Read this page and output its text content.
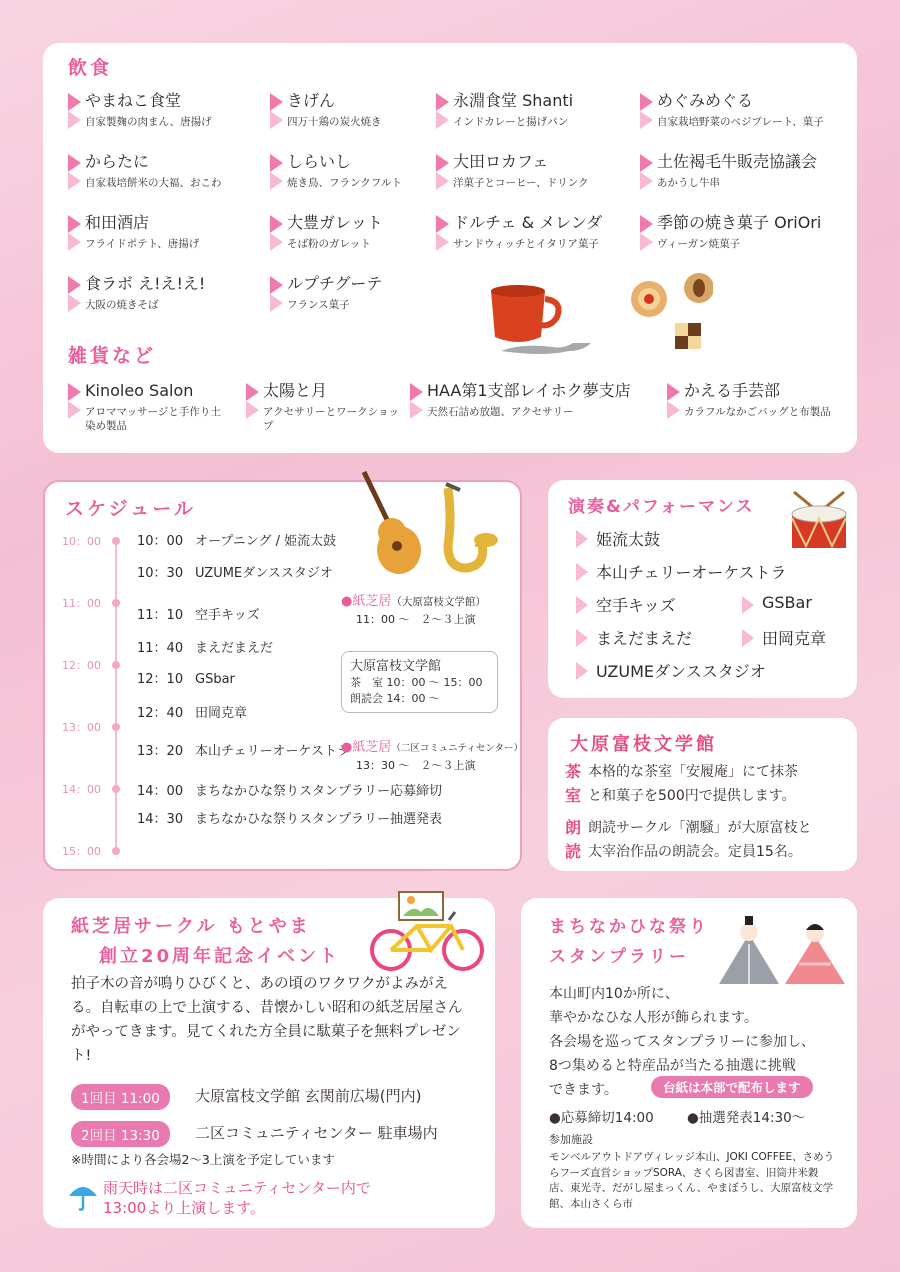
飲食
やまねこ食堂
自家製麹の肉まん、唐揚げ
きげん
四万十鶏の炭火焼き
永淵食堂 Shanti
インドカレーと揚げパン
めぐみめぐる
自家栽培野菜のベジプレート、菓子
からたに
自家栽培餅米の大福、おこわ
しらいし
焼き鳥、フランクフルト
大田ロカフェ
洋菓子とコーヒー、ドリンク
土佐褐毛牛販売協議会
あかうし牛串
和田酒店
フライドポテト、唐揚げ
大豊ガレット
そば粉のガレット
ドルチェ & メレンダ
サンドウィッチとイタリア菓子
季節の焼き菓子 OriOri
ヴィーガン焼菓子
食ラボ え!え!え!
大阪の焼きそば
ルプチグーテ
フランス菓子
雑貨など
Kinoleo Salon
アロママッサージと手作り土染め製品
太陽と月
アクセサリーとワークショップ
HAA第1支部レイホク夢支店
天然石詰め放題、アクセサリー
かえる手芸部
カラフルなかごバッグと布製品
スケジュール
10：00
11：00
12：00
13：00
14：00
15：00
10：00 オープニング / 姫流太鼓
10：30 UZUMEダンススタジオ
11：10 空手キッズ
11：40 まえだまえだ
12：10 GSbar
12：40 田岡克章
13：20 本山チェリーオーケストラ
14：00 まちなかひな祭りスタンプラリー応募締切
14：30 まちなかひな祭りスタンプラリー抽選発表
●紙芝居（大原富枝文学館）
11：00 ～　２～３上演
大原富枝文学館
茶　室 10：00 ～ 15：00
朗読会 14：00 ～
●紙芝居（二区コミュニティセンター）
13：30 ～　２～３上演
演奏&パフォーマンス
姫流太鼓
本山チェリーオーケストラ
空手キッズ	GSBar
まえだまえだ	田岡克章
UZUMEダンススタジオ
大原富枝文学館
茶
室
本格的な茶室「安履庵」にて抹茶
と和菓子を500円で提供します。
朗
読
朗読サークル「潮騒」が大原富枝と
太宰治作品の朗読会。定員15名。
紙芝居サークル もとやま
創立20周年記念イベント
拍子木の音が鳴りひびくと、あの頃のワクワクがよみがえる。自転車の上で上演する、昔懐かしい昭和の紙芝居屋さんがやってきます。見てくれた方全員に駄菓子を無料プレゼント!
1回目 11:00	大原富枝文学館 玄関前広場(門内)
2回目 13:30	二区コミュニティセンター 駐車場内
※時間により各会場2～3上演を予定しています
雨天時は二区コミュニティセンター内で
13:00より上演します。
まちなかひな祭り
スタンプラリー
本山町内10か所に、
華やかなひな人形が飾られます。
各会場を巡ってスタンプラリーに参加し、
8つ集めると特産品が当たる抽選に挑戦
できます。	台紙は本部で配布します
●応募締切14:00 ●抽選発表14:30～
参加施設
モンベルアウトドアヴィレッジ本山、JOKI COFFEE、さめうらフーズ直営ショップSORA、さくら図書室、旧筒井米穀店、東光寺、だがし屋まっくん、やまぼうし、大原富枝文学館、本山さくら市
